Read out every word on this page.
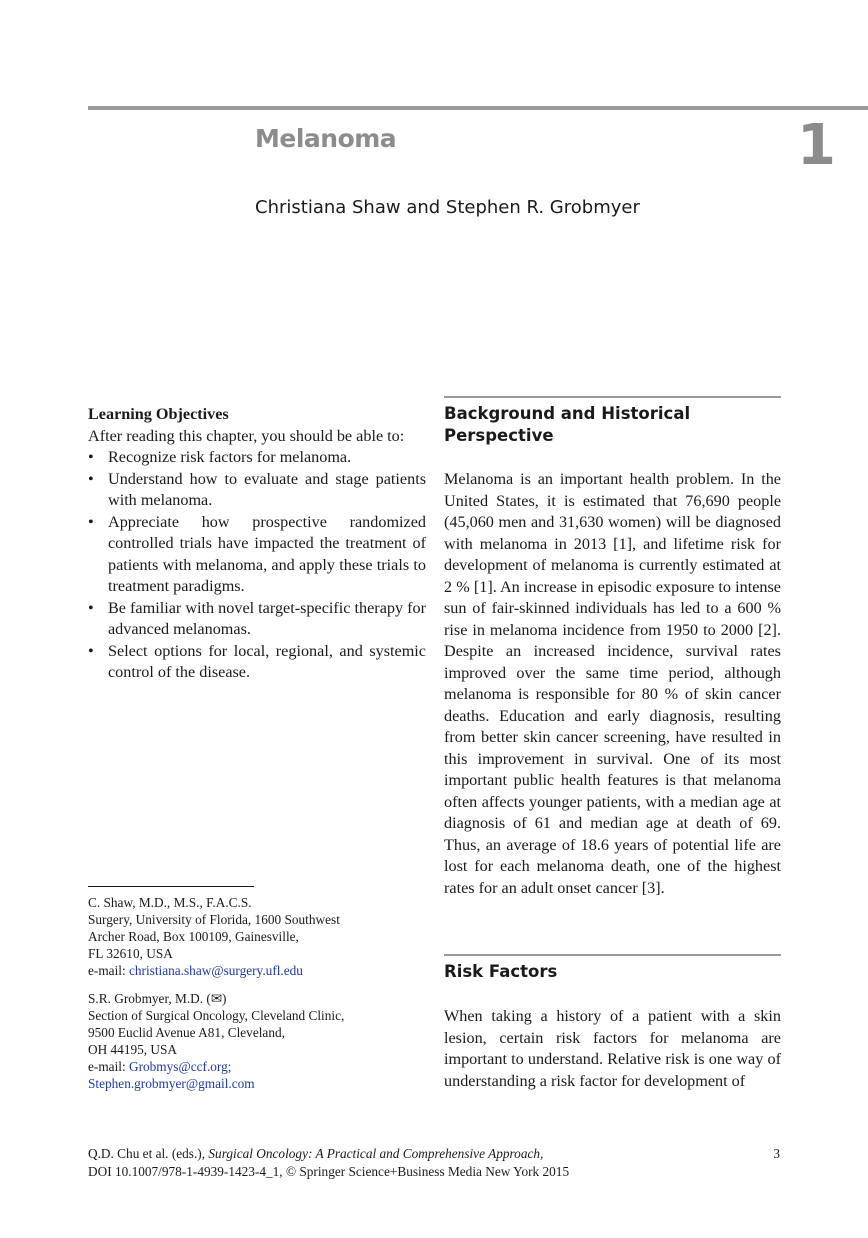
Melanoma	1
Christiana Shaw and Stephen R. Grobmyer

Learning Objectives

After reading this chapter, you should be able to:

• Recognize risk factors for melanoma.
• Understand how to evaluate and stage patients with melanoma.
• Appreciate how prospective randomized controlled trials have impacted the treatment of patients with melanoma, and apply these trials to treatment paradigms.
• Be familiar with novel target-specific therapy for advanced melanomas.
• Select options for local, regional, and systemic control of the disease.
C. Shaw, M.D., M.S., F.A.C.S.
Surgery, University of Florida, 1600 Southwest
Archer Road, Box 100109, Gainesville,
FL 32610, USA
e-mail: christiana.shaw@surgery.ufl.edu
S.R. Grobmyer, M.D. (✉)
Section of Surgical Oncology, Cleveland Clinic,
9500 Euclid Avenue A81, Cleveland,
OH 44195, USA
e-mail: Grobmys@ccf.org;
Stephen.grobmyer@gmail.com

Background and Historical
Perspective

Melanoma is an important health problem. In the United States, it is estimated that 76,690 people (45,060 men and 31,630 women) will be diagnosed with melanoma in 2013 [1], and lifetime risk for development of melanoma is currently estimated at 2 % [1]. An increase in episodic exposure to intense sun of fair-skinned individuals has led to a 600 % rise in melanoma incidence from 1950 to 2000 [2]. Despite an increased incidence, survival rates improved over the same time period, although melanoma is responsible for 80 % of skin cancer deaths. Education and early diagnosis, resulting from better skin cancer screening, have resulted in this improvement in survival. One of its most important public health features is that melanoma often affects younger patients, with a median age at diagnosis of 61 and median age at death of 69. Thus, an average of 18.6 years of potential life are lost for each melanoma death, one of the highest rates for an adult onset cancer [3].

Risk Factors

When taking a history of a patient with a skin lesion, certain risk factors for melanoma are important to understand. Relative risk is one way of understanding a risk factor for development of

Q.D. Chu et al. (eds.), Surgical Oncology: A Practical and Comprehensive Approach,
DOI 10.1007/978-1-4939-1423-4_1, © Springer Science+Business Media New York 2015
3
